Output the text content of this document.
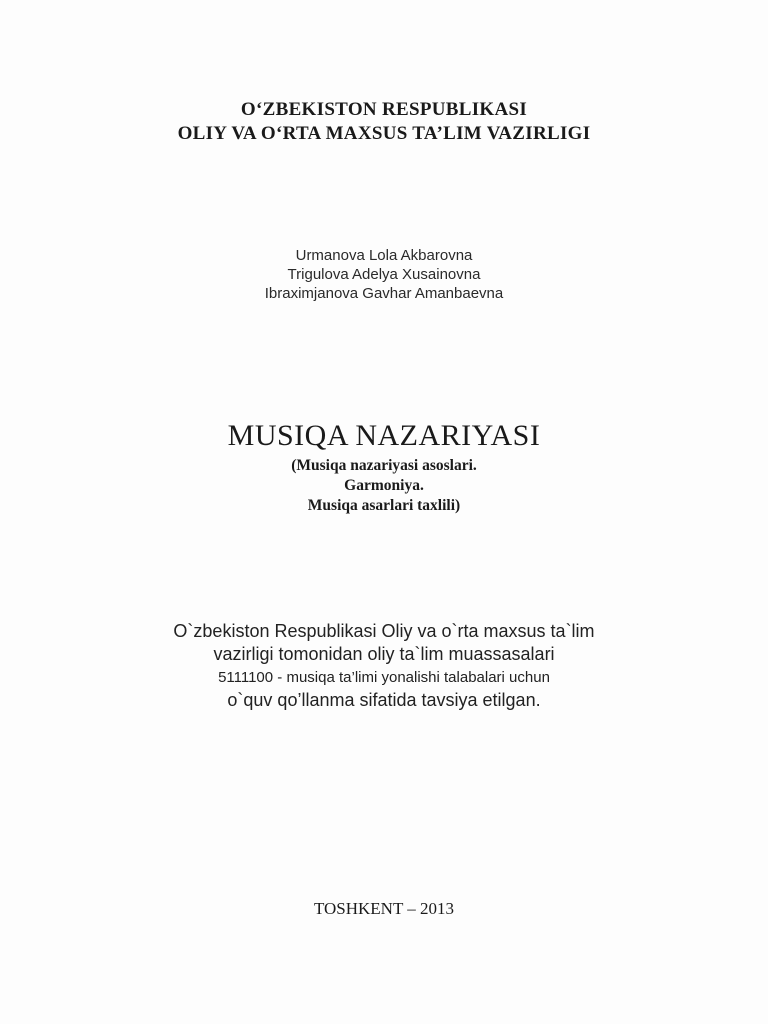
O‘ZBEKISTON RESPUBLIKASI
OLIY VA O‘RTA MAXSUS TA’LIM VAZIRLIGI
Urmanova Lola Akbarovna
Trigulova Adelya Xusainovna
Ibraximjanova Gavhar Amanbaevna
MUSIQA NAZARIYASI
(Musiqa nazariyasi asoslari.
Garmoniya.
Musiqa asarlari taxlili)
O`zbekiston Respublikasi Oliy va o`rta maxsus ta`lim
vazirligi tomonidan oliy ta`lim muassasalari
5111100 - musiqa ta’limi yonalishi talabalari uchun
o`quv qo’llanma sifatida tavsiya etilgan.
TOSHKENT – 2013
